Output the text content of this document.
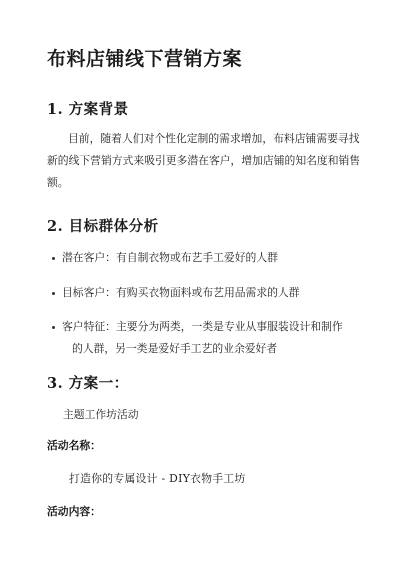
布料店铺线下营销方案
1. 方案背景
目前，随着人们对个性化定制的需求增加，布料店铺需要寻找新的线下营销方式来吸引更多潜在客户，增加店铺的知名度和销售额。
2. 目标群体分析
潜在客户：有自制衣物或布艺手工爱好的人群
目标客户：有购买衣物面料或布艺用品需求的人群
客户特征：主要分为两类，一类是专业从事服装设计和制作
的人群，另一类是爱好手工艺的业余爱好者
3. 方案一：
主题工作坊活动
活动名称：
打造你的专属设计 - DIY衣物手工坊
活动内容：
